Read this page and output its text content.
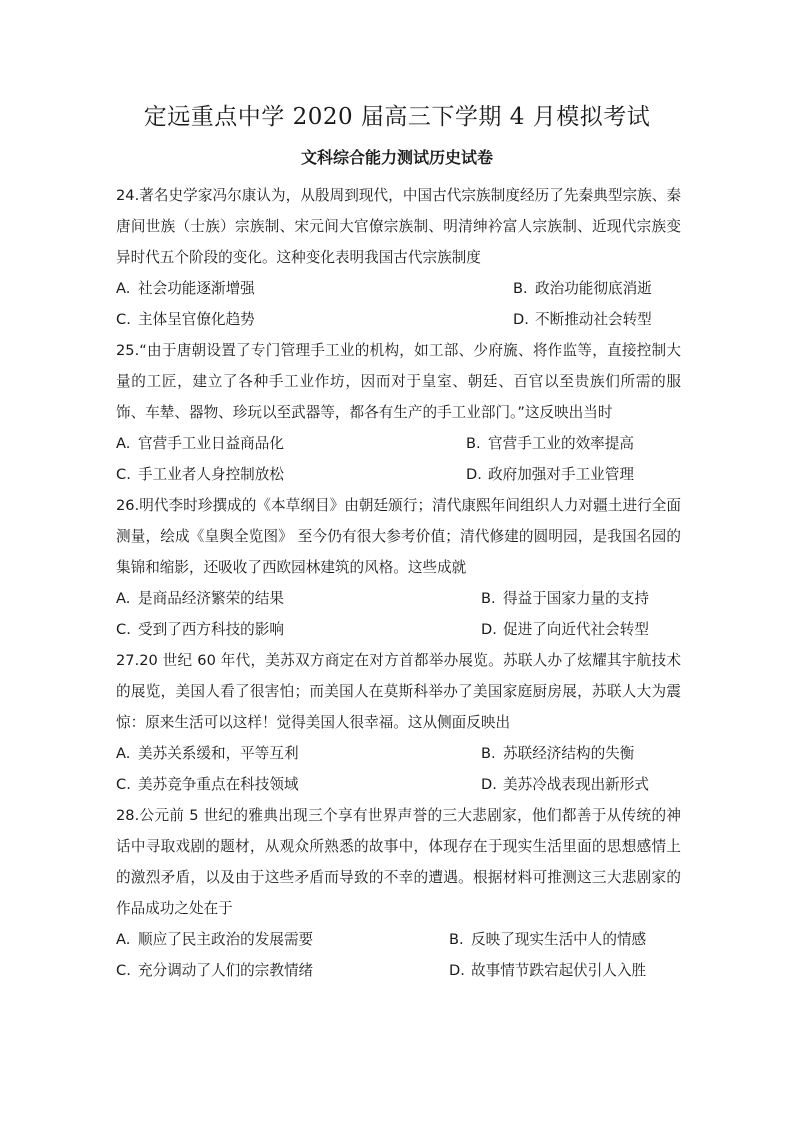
定远重点中学 2020 届高三下学期 4 月模拟考试
文科综合能力测试历史试卷

24.著名史学家冯尔康认为，从殷周到现代，中国古代宗族制度经历了先秦典型宗族、秦唐间世族（士族）宗族制、宋元间大官僚宗族制、明清绅衿富人宗族制、近现代宗族变异时代五个阶段的变化。这种变化表明我国古代宗族制度

A. 社会功能逐渐增强	B. 政治功能彻底消逝
C. 主体呈官僚化趋势	D. 不断推动社会转型

25.“由于唐朝设置了专门管理手工业的机构，如工部、少府旒、将作监等，直接控制大量的工匠，建立了各种手工业作坊，因而对于皇室、朝廷、百官以至贵族们所需的服饰、车辇、器物、珍玩以至武器等，都各有生产的手工业部门。”这反映出当时

A. 官营手工业日益商品化	B. 官营手工业的效率提高
C. 手工业者人身控制放松	D. 政府加强对手工业管理

26.明代李时珍撰成的《本草纲目》由朝廷颁行；清代康熙年间组织人力对疆土进行全面测量，绘成《皇舆全览图》 至今仍有很大参考价值；清代修建的圆明园，是我国名园的集锦和缩影，还吸收了西欧园林建筑的风格。这些成就

A. 是商品经济繁荣的结果	B. 得益于国家力量的支持
C. 受到了西方科技的影响	D. 促进了向近代社会转型

27.20 世纪 60 年代，美苏双方商定在对方首都举办展览。苏联人办了炫耀其宇航技术的展览，美国人看了很害怕；而美国人在莫斯科举办了美国家庭厨房展，苏联人大为震惊：原来生活可以这样！觉得美国人很幸福。这从侧面反映出

A. 美苏关系缓和，平等互利	B. 苏联经济结构的失衡
C. 美苏竞争重点在科技领域	D. 美苏冷战表现出新形式

28.公元前 5 世纪的雅典出现三个享有世界声誉的三大悲剧家，他们都善于从传统的神话中寻取戏剧的题材，从观众所熟悉的故事中，体现存在于现实生活里面的思想感情上的激烈矛盾，以及由于这些矛盾而导致的不幸的遭遇。根据材料可推测这三大悲剧家的作品成功之处在于

A. 顺应了民主政治的发展需要	B. 反映了现实生活中人的情感
C. 充分调动了人们的宗教情绪	D. 故事情节跌宕起伏引人入胜
